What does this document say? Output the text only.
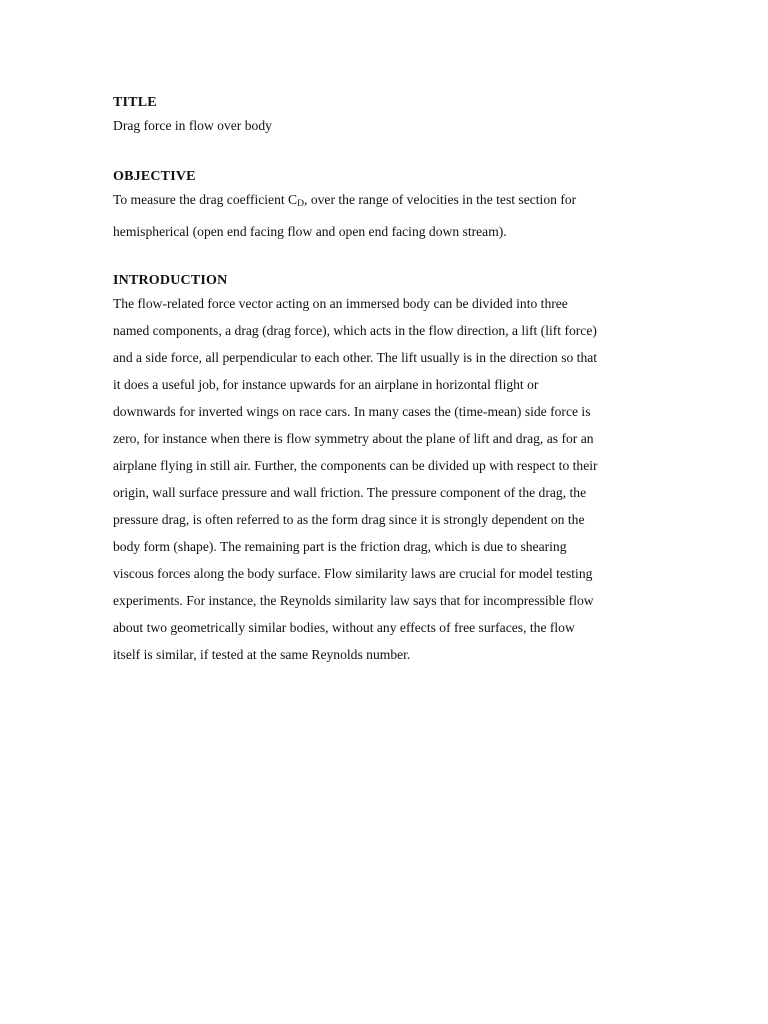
TITLE

Drag force in flow over body

OBJECTIVE

To measure the drag coefficient $C_D$, over the range of velocities in the test section for
hemispherical (open end facing flow and open end facing down stream).

INTRODUCTION

The flow-related force vector acting on an immersed body can be divided into three
named components, a drag (drag force), which acts in the flow direction, a lift (lift force)
and a side force, all perpendicular to each other. The lift usually is in the direction so that
it does a useful job, for instance upwards for an airplane in horizontal flight or
downwards for inverted wings on race cars. In many cases the (time-mean) side force is
zero, for instance when there is flow symmetry about the plane of lift and drag, as for an
airplane flying in still air. Further, the components can be divided up with respect to their
origin, wall surface pressure and wall friction. The pressure component of the drag, the
pressure drag, is often referred to as the form drag since it is strongly dependent on the
body form (shape). The remaining part is the friction drag, which is due to shearing
viscous forces along the body surface. Flow similarity laws are crucial for model testing
experiments. For instance, the Reynolds similarity law says that for incompressible flow
about two geometrically similar bodies, without any effects of free surfaces, the flow
itself is similar, if tested at the same Reynolds number.
